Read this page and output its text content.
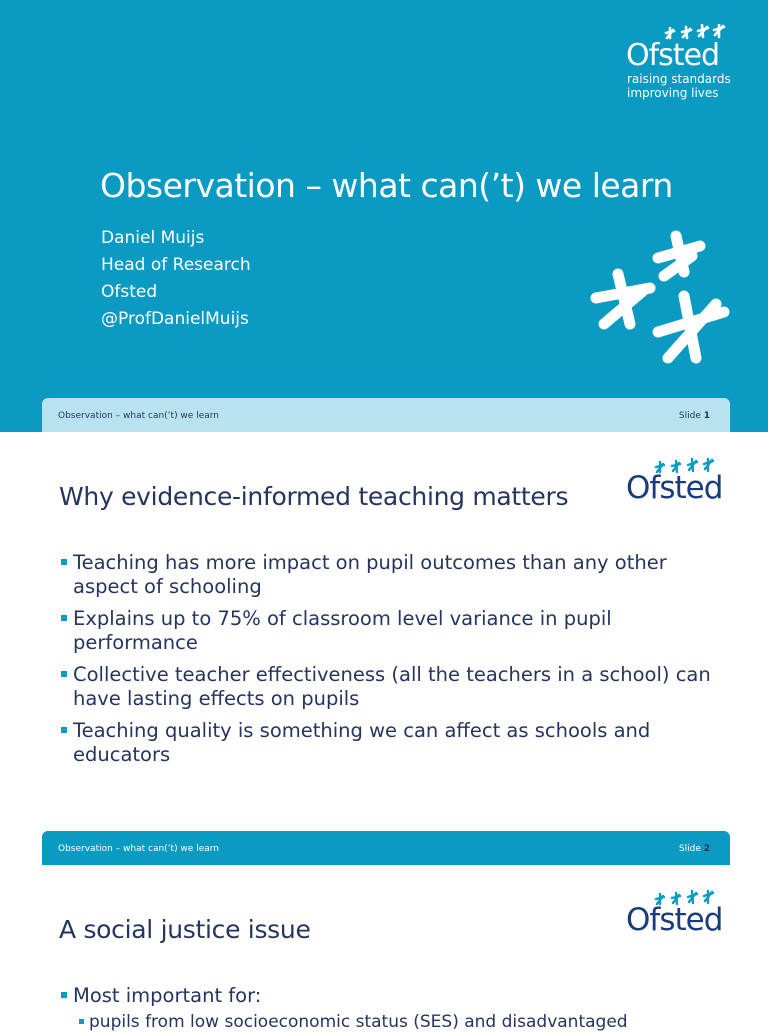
Ofsted
raising standards
improving lives
Observation – what can(’t) we learn
Daniel Muijs
Head of Research
Ofsted
@ProfDanielMuijs
Observation – what can(’t) we learn	Slide 1
Ofsted
Why evidence-informed teaching matters
Teaching has more impact on pupil outcomes than any other aspect of schooling
Explains up to 75% of classroom level variance in pupil performance
Collective teacher effectiveness (all the teachers in a school) can have lasting effects on pupils
Teaching quality is something we can affect as schools and educators
Observation – what can(’t) we learn	Slide 2
Ofsted
A social justice issue
Most important for:
pupils from low socioeconomic status (SES) and disadvantaged
